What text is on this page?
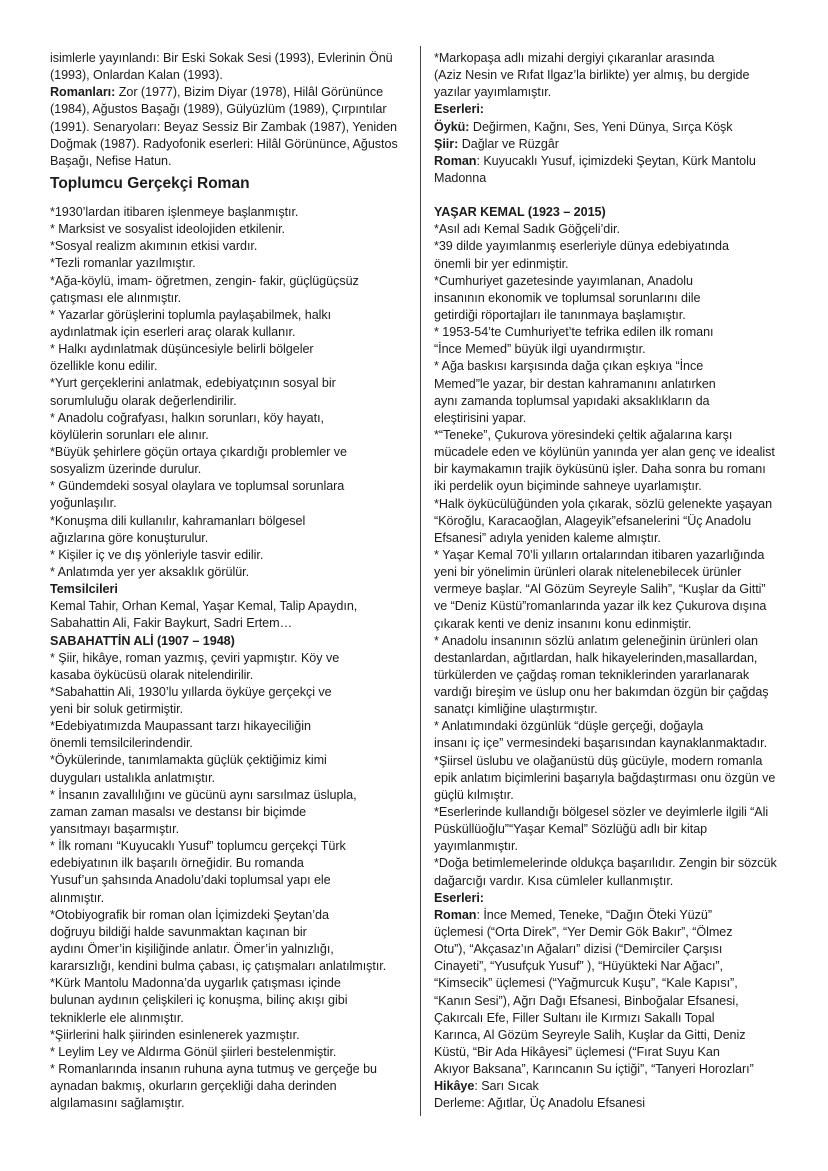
isimlerle yayınlandı: Bir Eski Sokak Sesi (1993), Evlerinin Önü
(1993), Onlardan Kalan (1993).
Romanları: Zor (1977), Bizim Diyar (1978), Hilâl Görününce
(1984), Ağustos Başağı (1989), Gülyüzlüm (1989), Çırpıntılar
(1991). Senaryoları: Beyaz Sessiz Bir Zambak (1987), Yeniden
Doğmak (1987). Radyofonik eserleri: Hilâl Görününce, Ağustos
Başağı, Nefise Hatun.
Toplumcu Gerçekçi Roman
*1930’lardan itibaren işlenmeye başlanmıştır.
* Marksist ve sosyalist ideolojiden etkilenir.
*Sosyal realizm akımının etkisi vardır.
*Tezli romanlar yazılmıştır.
*Ağa-köylü, imam- öğretmen, zengin- fakir, güçlügüçsüz
çatışması ele alınmıştır.
* Yazarlar görüşlerini toplumla paylaşabilmek, halkı
aydınlatmak için eserleri araç olarak kullanır.
* Halkı aydınlatmak düşüncesiyle belirli bölgeler
özellikle konu edilir.
*Yurt gerçeklerini anlatmak, edebiyatçının sosyal bir
sorumluluğu olarak değerlendirilir.
* Anadolu coğrafyası, halkın sorunları, köy hayatı,
köylülerin sorunları ele alınır.
*Büyük şehirlere göçün ortaya çıkardığı problemler ve
sosyalizm üzerinde durulur.
* Gündemdeki sosyal olaylara ve toplumsal sorunlara
yoğunlaşılır.
*Konuşma dili kullanılır, kahramanları bölgesel
ağızlarına göre konuşturulur.
* Kişiler iç ve dış yönleriyle tasvir edilir.
* Anlatımda yer yer aksaklık görülür.
Temsilcileri
Kemal Tahir, Orhan Kemal, Yaşar Kemal, Talip Apaydın,
Sabahattin Ali, Fakir Baykurt, Sadri Ertem…
SABAHATTİN ALİ (1907 – 1948)
* Şiir, hikâye, roman yazmış, çeviri yapmıştır. Köy ve
kasaba öykücüsü olarak nitelendirilir.
*Sabahattin Ali, 1930’lu yıllarda öyküye gerçekçi ve
yeni bir soluk getirmiştir.
*Edebiyatımızda Maupassant tarzı hikayeciliğin
önemli temsilcilerindendir.
*Öykülerinde, tanımlamakta güçlük çektiğimiz kimi
duyguları ustalıkla anlatmıştır.
* İnsanın zavallılığını ve gücünü aynı sarsılmaz üslupla,
zaman zaman masalsı ve destansı bir biçimde
yansıtmayı başarmıştır.
* İlk romanı “Kuyucaklı Yusuf” toplumcu gerçekçi Türk
edebiyatının ilk başarılı örneğidir. Bu romanda
Yusuf’un şahsında Anadolu’daki toplumsal yapı ele
alınmıştır.
*Otobiyografik bir roman olan İçimizdeki Şeytan’da
doğruyu bildiği halde savunmaktan kaçınan bir
aydını Ömer’in kişiliğinde anlatır. Ömer’in yalnızlığı,
kararsızlığı, kendini bulma çabası, iç çatışmaları anlatılmıştır.
*Kürk Mantolu Madonna’da uygarlık çatışması içinde
bulunan aydının çelişkileri iç konuşma, bilinç akışı gibi
tekniklerle ele alınmıştır.
*Şiirlerini halk şiirinden esinlenerek yazmıştır.
* Leylim Ley ve Aldırma Gönül şiirleri bestelenmiştir.
* Romanlarında insanın ruhuna ayna tutmuş ve gerçeğe bu
aynadan bakmış, okurların gerçekliği daha derinden
algılamasını sağlamıştır.
*Markopaşa adlı mizahi dergiyi çıkaranlar arasında
(Aziz Nesin ve Rıfat Ilgaz’la birlikte) yer almış, bu dergide
yazılar yayımlamıştır.
Eserleri:
Öykü: Değirmen, Kağnı, Ses, Yeni Dünya, Sırça Köşk
Şiir: Dağlar ve Rüzgâr
Roman: Kuyucaklı Yusuf, içimizdeki Şeytan, Kürk Mantolu
Madonna
YAŞAR KEMAL (1923 – 2015)
*Asıl adı Kemal Sadık Göğçeli’dir.
*39 dilde yayımlanmış eserleriyle dünya edebiyatında
önemli bir yer edinmiştir.
*Cumhuriyet gazetesinde yayımlanan, Anadolu
insanının ekonomik ve toplumsal sorunlarını dile
getirdiği röportajları ile tanınmaya başlamıştır.
* 1953-54’te Cumhuriyet’te tefrika edilen ilk romanı
“İnce Memed” büyük ilgi uyandırmıştır.
* Ağa baskısı karşısında dağa çıkan eşkıya “İnce
Memed”le yazar, bir destan kahramanını anlatırken
aynı zamanda toplumsal yapıdaki aksaklıkların da
eleştirisini yapar.
*“Teneke”, Çukurova yöresindeki çeltik ağalarına karşı
mücadele eden ve köylünün yanında yer alan genç ve idealist
bir kaymakamın trajik öyküsünü işler. Daha sonra bu romanı
iki perdelik oyun biçiminde sahneye uyarlamıştır.
*Halk öykücülüğünden yola çıkarak, sözlü gelenekte yaşayan
“Köroğlu, Karacaoğlan, Alageyik”efsanelerini “Üç Anadolu
Efsanesi” adıyla yeniden kaleme almıştır.
* Yaşar Kemal 70’li yılların ortalarından itibaren yazarlığında
yeni bir yönelimin ürünleri olarak nitelenebilecek ürünler
vermeye başlar. “Al Gözüm Seyreyle Salih”, “Kuşlar da Gitti”
ve “Deniz Küstü”romanlarında yazar ilk kez Çukurova dışına
çıkarak kenti ve deniz insanını konu edinmiştir.
* Anadolu insanının sözlü anlatım geleneğinin ürünleri olan
destanlardan, ağıtlardan, halk hikayelerinden,masallardan,
türkülerden ve çağdaş roman tekniklerinden yararlanarak
vardığı bireşim ve üslup onu her bakımdan özgün bir çağdaş
sanatçı kimliğine ulaştırmıştır.
* Anlatımındaki özgünlük “düşle gerçeği, doğayla
insanı iç içe” vermesindeki başarısından kaynaklanmaktadır.
*Şiirsel üslubu ve olağanüstü düş gücüyle, modern romanla
epik anlatım biçimlerini başarıyla bağdaştırması onu özgün ve
güçlü kılmıştır.
*Eserlerinde kullandığı bölgesel sözler ve deyimlerle ilgili “Ali
Püsküllüoğlu”“Yaşar Kemal” Sözlüğü adlı bir kitap
yayımlanmıştır.
*Doğa betimlemelerinde oldukça başarılıdır. Zengin bir sözcük
dağarcığı vardır. Kısa cümleler kullanmıştır.
Eserleri:
Roman: İnce Memed, Teneke, “Dağın Öteki Yüzü”
üçlemesi (“Orta Direk”, “Yer Demir Gök Bakır”, “Ölmez
Otu”), “Akçasaz’ın Ağaları” dizisi (“Demirciler Çarşısı
Cinayeti”, “Yusufçuk Yusuf” ), “Hüyükteki Nar Ağacı”,
“Kimsecik” üçlemesi (“Yağmurcuk Kuşu”, “Kale Kapısı”,
“Kanın Sesi”), Ağrı Dağı Efsanesi, Binboğalar Efsanesi,
Çakırcalı Efe, Filler Sultanı ile Kırmızı Sakallı Topal
Karınca, Al Gözüm Seyreyle Salih, Kuşlar da Gitti, Deniz
Küstü, “Bir Ada Hikâyesi” üçlemesi (“Fırat Suyu Kan
Akıyor Baksana”, Karıncanın Su içtiği”, “Tanyeri Horozları”
Hikâye: Sarı Sıcak
Derleme: Ağıtlar, Üç Anadolu Efsanesi
